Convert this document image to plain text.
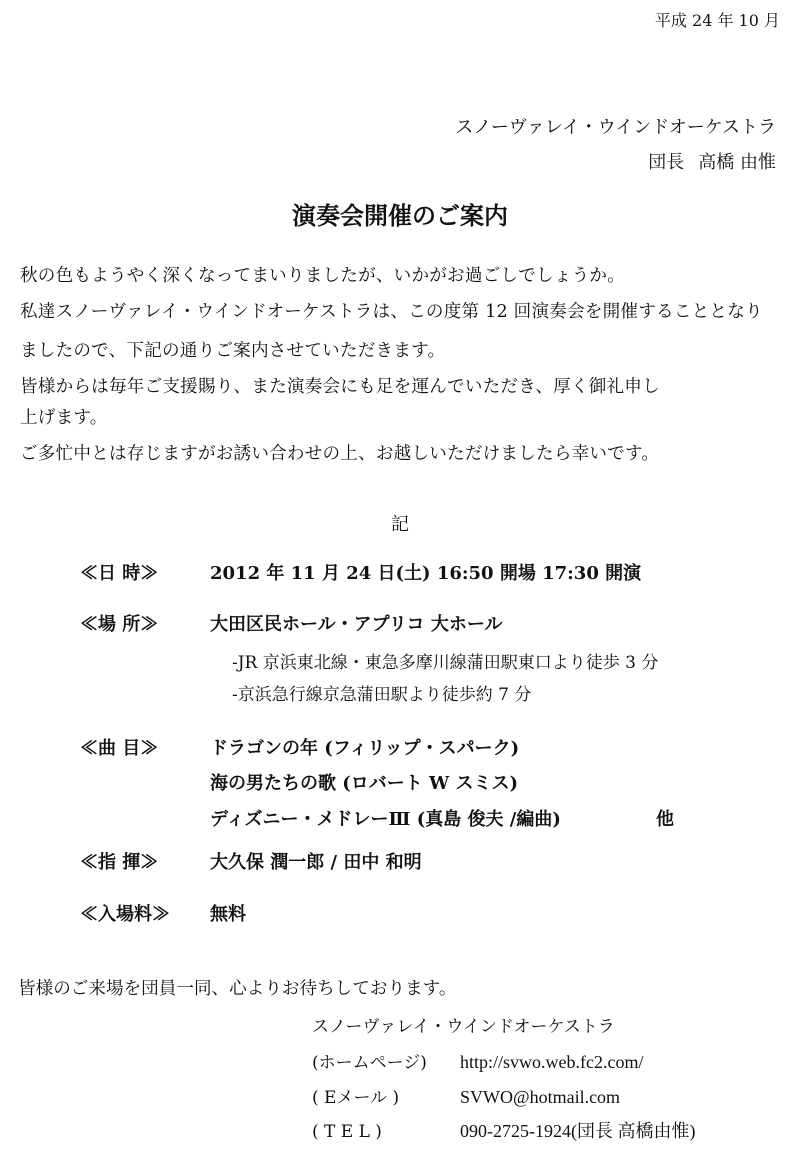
平成 24 年 10 月
スノーヴァレイ・ウインドオーケストラ
団長 高橋 由惟
演奏会開催のご案内
秋の色もようやく深くなってまいりましたが、いかがお過ごしでしょうか。
私達スノーヴァレイ・ウインドオーケストラは、この度第 12 回演奏会を開催することとなり
ましたので、下記の通りご案内させていただきます。
皆様からは毎年ご支援賜り、また演奏会にも足を運んでいただき、厚く御礼申し
上げます。
ご多忙中とは存じますがお誘い合わせの上、お越しいただけましたら幸いです。
記
≪日 時≫	2012 年 11 月 24 日(土) 16:50 開場 17:30 開演
≪場 所≫	大田区民ホール・アプリコ 大ホール
-JR 京浜東北線・東急多摩川線蒲田駅東口より徒歩 3 分
-京浜急行線京急蒲田駅より徒歩約 7 分
≪曲 目≫	ドラゴンの年 (フィリップ・スパーク)
海の男たちの歌 (ロバート W スミス)
ディズニー・メドレーⅢ (真島 俊夫 /編曲)	他
≪指 揮≫	大久保 潤一郎 / 田中 和明
≪入場料≫	無料
皆様のご来場を団員一同、心よりお待ちしております。
スノーヴァレイ・ウインドオーケストラ
(ホームページ) http://svwo.web.fc2.com/
( Eメール )	SVWO@hotmail.com
( T E L )	090-2725-1924(団長 高橋由惟)
